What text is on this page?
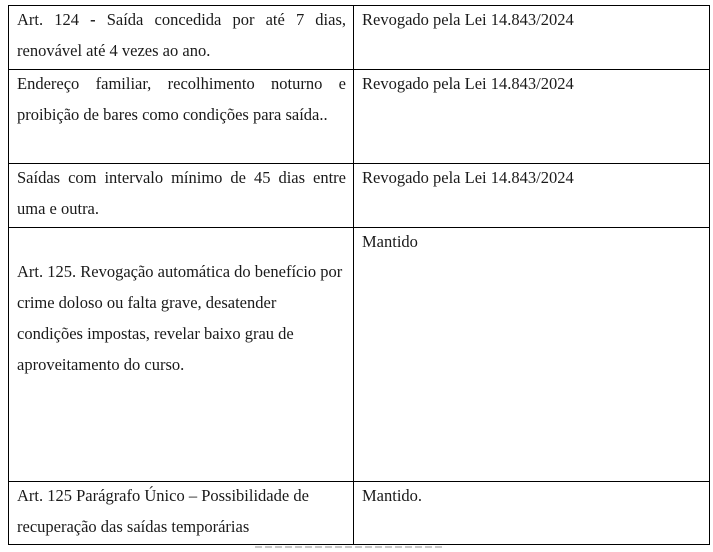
Art. 124 - Saída concedida por até 7 dias, renovável até 4 vezes ao ano.	Revogado pela Lei 14.843/2024

Endereço familiar, recolhimento noturno e proibição de bares como condições para saída..	Revogado pela Lei 14.843/2024

Saídas com intervalo mínimo de 45 dias entre uma e outra.	Revogado pela Lei 14.843/2024

Art. 125. Revogação automática do benefício por crime doloso ou falta grave, desatender condições impostas, revelar baixo grau de aproveitamento do curso.	Mantido

Art. 125 Parágrafo Único – Possibilidade de recuperação das saídas temporárias	Mantido.
